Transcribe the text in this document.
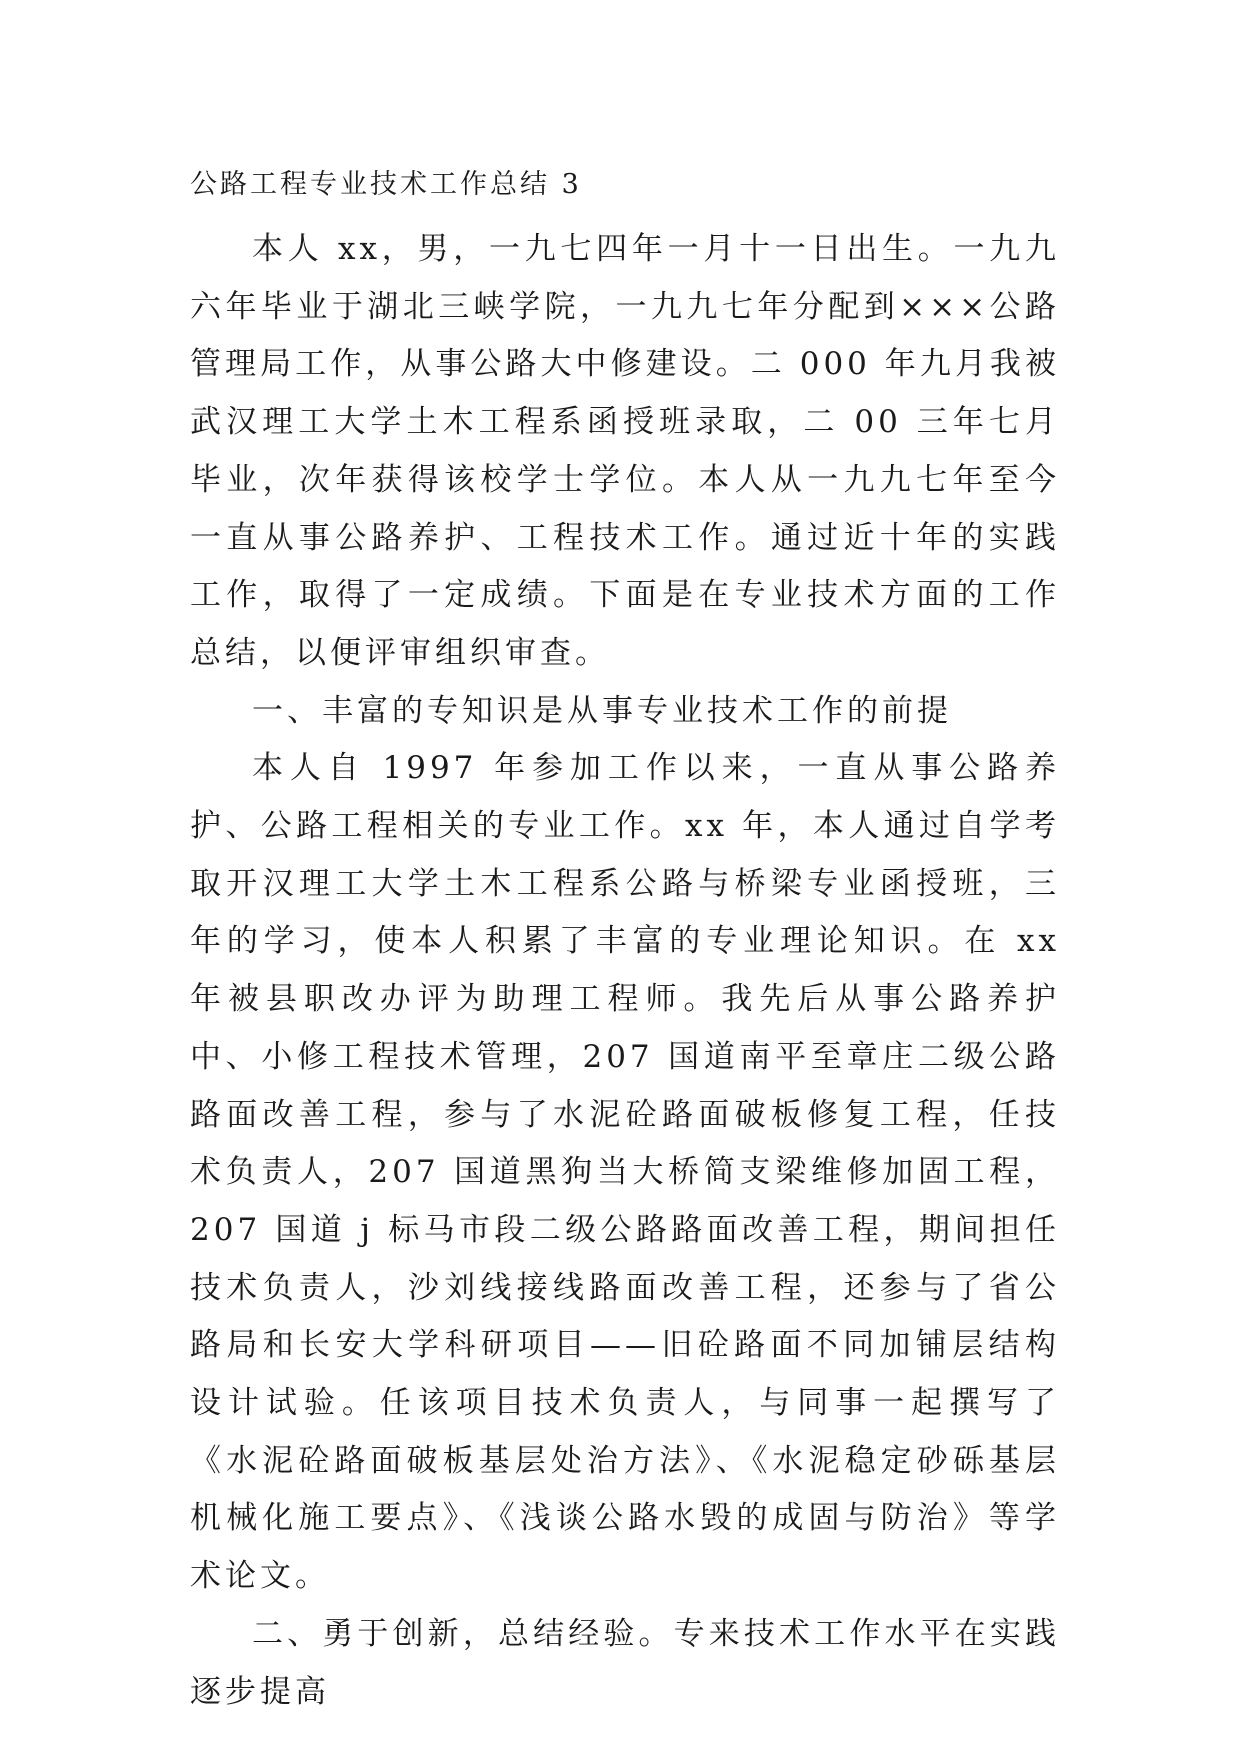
公路工程专业技术工作总结 3

本人 xx，男，一九七四年一月十一日出生。一九九六年毕业于湖北三峡学院，一九九七年分配到×××公路管理局工作，从事公路大中修建设。二 000 年九月我被武汉理工大学土木工程系函授班录取，二 00 三年七月毕业，次年获得该校学士学位。本人从一九九七年至今一直从事公路养护、工程技术工作。通过近十年的实践工作，取得了一定成绩。下面是在专业技术方面的工作总结，以便评审组织审查。

一、丰富的专知识是从事专业技术工作的前提

本人自 1997 年参加工作以来，一直从事公路养护、公路工程相关的专业工作。xx 年，本人通过自学考取开汉理工大学土木工程系公路与桥梁专业函授班，三年的学习，使本人积累了丰富的专业理论知识。在 xx 年被县职改办评为助理工程师。我先后从事公路养护中、小修工程技术管理，207 国道南平至章庄二级公路路面改善工程，参与了水泥砼路面破板修复工程，任技术负责人，207 国道黑狗当大桥简支梁维修加固工程，207 国道 j 标马市段二级公路路面改善工程，期间担任技术负责人，沙刘线接线路面改善工程，还参与了省公路局和长安大学科研项目——旧砼路面不同加铺层结构设计试验。任该项目技术负责人，与同事一起撰写了《水泥砼路面破板基层处治方法》、《水泥稳定砂砾基层机械化施工要点》、《浅谈公路水毁的成固与防治》等学术论文。

二、勇于创新，总结经验。专来技术工作水平在实践逐步提高
